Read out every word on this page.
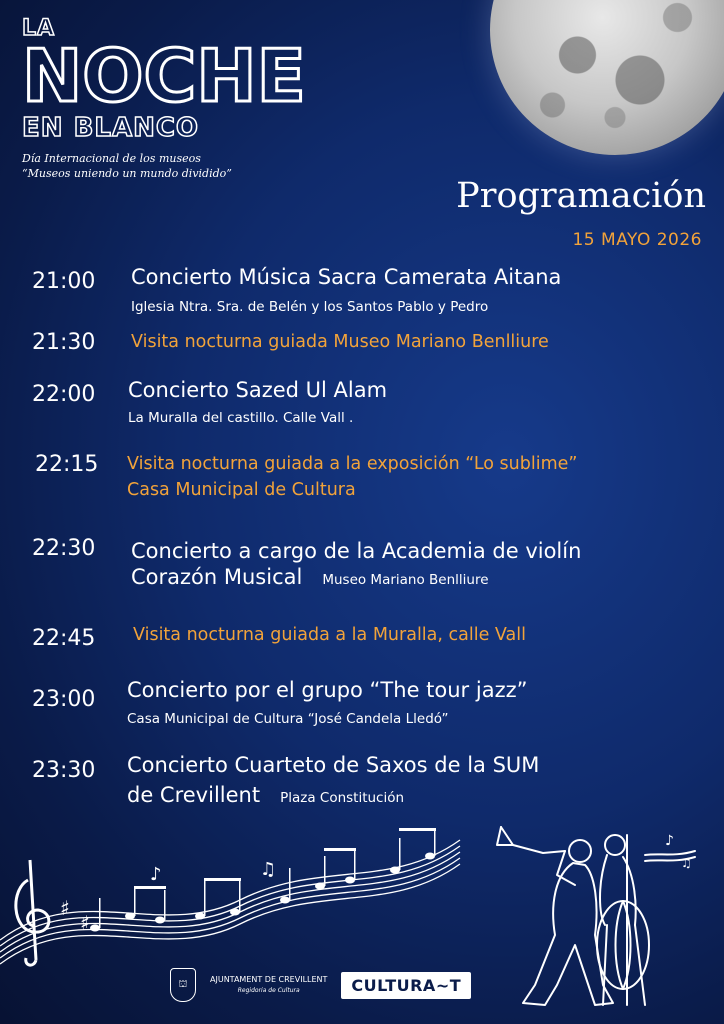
LA
NOCHE
EN BLANCO
Día Internacional de los museos
“Museos uniendo un mundo dividido”
Programación
15 MAYO 2026
21:00 Concierto Música Sacra Camerata Aitana
Iglesia Ntra. Sra. de Belén y los Santos Pablo y Pedro
21:30 Visita nocturna guiada Museo Mariano Benlliure
22:00 Concierto Sazed Ul Alam
La Muralla del castillo. Calle Vall .
22:15 Visita nocturna guiada a la exposición “Lo sublime”
Casa Municipal de Cultura
22:30 Concierto a cargo de la Academia de violín
Corazón Musical Museo Mariano Benlliure
22:45 Visita nocturna guiada a la Muralla, calle Vall
23:00 Concierto por el grupo “The tour jazz”
Casa Municipal de Cultura “José Candela Lledó”
23:30 Concierto Cuarteto de Saxos de la SUM
de Crevillent Plaza Constitución
♯
♯
♪	♫
♪
♫
⛫	AJUNTAMENT DE CREVILLENT
Regidoria de Cultura	CULTURA~T
